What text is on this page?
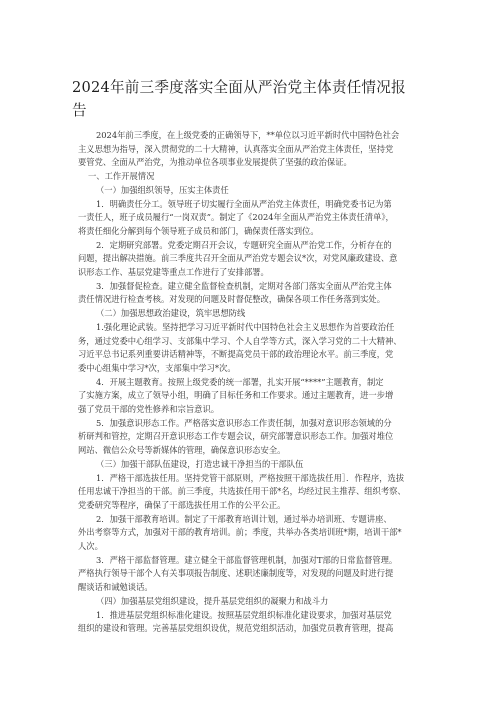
2024年前三季度落实全面从严治党主体责任情况报
告
2024年前三季度，在上级党委的正确领导下，**单位以习近平新时代中国特色社会
主义思想为指导，深入贯彻党的二十大精神，认真落实全面从严治党主体责任，坚持党
要管党、全面从严治党，为推动单位各项事业发展提供了坚强的政治保证。
一、工作开展情况
（一）加强组织领导，压实主体责任
1．明确责任分工。领导班子切实履行全面从严治党主体责任，明确党委书记为第
一责任人，班子成员履行“一岗双责”。制定了《2024年全面从严治党主体责任清单》，
将责任细化分解到每个领导班子成员和部门，确保责任落实到位。
2．定期研究部署。党委定期召开会议，专题研究全面从严治党工作，分析存在的
问题，提出解决措施。前三季度共召开全面从严治党专题会议*次，对党风廉政建设、意
识形态工作、基层党建等重点工作进行了安排部署。
3．加强督促检查。建立健全监督检查机制，定期对各部门落实全面从严治党主体
责任情况进行检查考核。对发现的问题及时督促整改，确保各项工作任务落到实处。
（二）加强思想政治建设，筑牢思想防线
1.强化理论武装。坚持把学习习近平新时代中国特色社会主义思想作为首要政治任
务，通过党委中心组学习、支部集中学习、个人自学等方式，深入学习党的二十大精神、
习近平总书记系列重要讲话精神等，不断提高党员干部的政治理论水平。前三季度，党
委中心组集中学习*次，支部集中学习*次。
4．开展主题教育。按照上级党委的统一部署，扎实开展“****”主题教育，制定
了实施方案，成立了领导小组，明确了目标任务和工作要求。通过主题教育，进一步增
强了党员干部的党性修养和宗旨意识。
5．加强意识形态工作。严格落实意识形态工作责任制，加强对意识形态领域的分
析研判和管控，定期召开意识形态工作专题会议，研究部署意识形态工作。加强对堆位
网站、微信公众号等新媒体的管理，确保意识形态安全。
（三）加强干部队伍建设，打造忠诚干净担当的干部队伍
1．严格干部选拔任用。坚持党管干部原则，严格按照干部选拔任用］．作程序，选拔
任用忠诚干净担当的干部。前三季度，共选拔任用干部*名，均经过民主推荐、组织考察、
党委研究等程序，确保了干部选拔任用工作的公平公正。
2．加强干部教育培训。制定了干部教育培训计划，通过举办培训班、专题讲座、
外出考察等方式，加强对干部的教育培训。前；季度，共举办各类培训班*期，培训干部*
人次。
3．严格干部监督管理。建立健全干部监督管理机制，加强对T部的日常监督管理。
严格执行领导干部个人有关事项报告制度、述职述廉制度等，对发现的问题及时进行提
醒谈话和诫勉谈话。
（四）加强基层党组织建设，提升基层党组织的凝聚力和战斗力
1．推进基层党组织标准化建设。按照基层党组织标准化建设要求，加强对基层党
组织的建设和管理。完善基层党组织设优，规范党组织活动，加强党员教育管理，提高
